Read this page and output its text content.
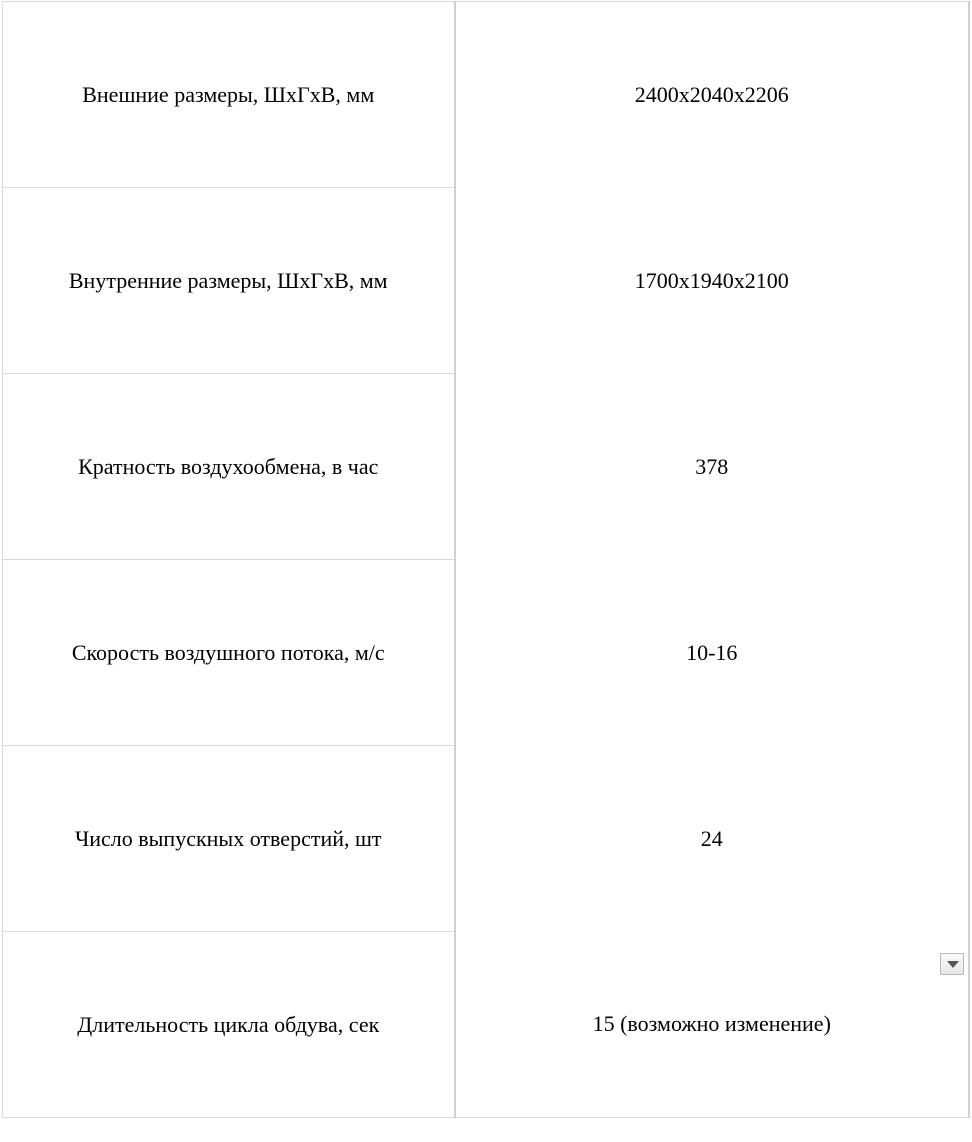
Внешние размеры, ШхГхВ, мм	2400x2040x2206
Внутренние размеры, ШхГхВ, мм	1700x1940x2100
Кратность воздухообмена, в час	378
Скорость воздушного потока, м/с	10-16
Число выпускных отверстий, шт	24
Длительность цикла обдува, сек	15 (возможно изменение)
